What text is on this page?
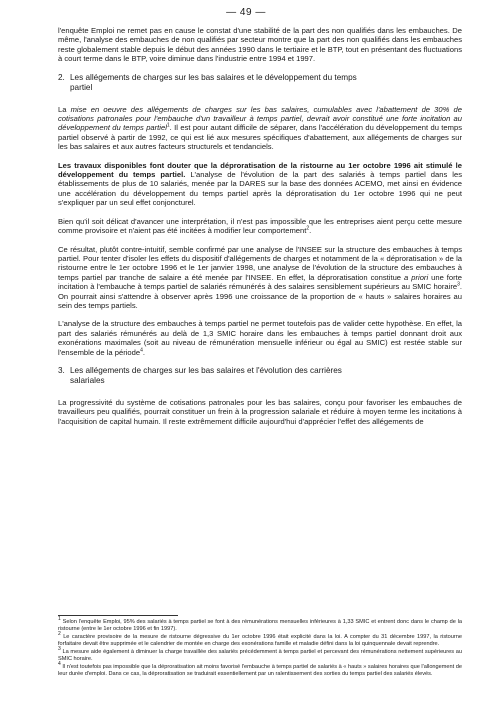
— 49 —

l'enquête Emploi ne remet pas en cause le constat d'une stabilité de la part des non qualifiés dans les embauches. De même, l'analyse des embauches de non qualifiés par secteur montre que la part des non qualifiés dans les embauches reste globalement stable depuis le début des années 1990 dans le tertiaire et le BTP, tout en présentant des fluctuations à court terme dans le BTP, voire diminue dans l'industrie entre 1994 et 1997.

2. Les allégements de charges sur les bas salaires et le développement du temps
partiel

La mise en oeuvre des allégements de charges sur les bas salaires, cumulables avec l'abattement de 30% de cotisations patronales pour l'embauche d'un travailleur à temps partiel, devrait avoir constitué une forte incitation au développement du temps partiel$^1$. Il est pour autant difficile de séparer, dans l'accélération du développement du temps partiel observé à partir de 1992, ce qui est lié aux mesures spécifiques d'abattement, aux allégements de charges sur les bas salaires et aux autres facteurs structurels et tendanciels.

Les travaux disponibles font douter que la déproratisation de la ristourne au 1er octobre 1996 ait stimulé le développement du temps partiel. L'analyse de l'évolution de la part des salariés à temps partiel dans les établissements de plus de 10 salariés, menée par la DARES sur la base des données ACEMO, met ainsi en évidence une accélération du développement du temps partiel après la déproratisation du 1er octobre 1996 qui ne peut s'expliquer par un seul effet conjoncturel.

Bien qu'il soit délicat d'avancer une interprétation, il n'est pas impossible que les entreprises aient perçu cette mesure comme provisoire et n'aient pas été incitées à modifier leur comportement$^2$.

Ce résultat, plutôt contre-intuitif, semble confirmé par une analyse de l'INSEE sur la structure des embauches à temps partiel. Pour tenter d'isoler les effets du dispositif d'allégements de charges et notamment de la « déproratisation » de la ristourne entre le 1er octobre 1996 et le 1er janvier 1998, une analyse de l'évolution de la structure des embauches à temps partiel par tranche de salaire a été menée par l'INSEE. En effet, la déproratisation constitue a priori une forte incitation à l'embauche à temps partiel de salariés rémunérés à des salaires sensiblement supérieurs au SMIC horaire$^3$. On pourrait ainsi s'attendre à observer après 1996 une croissance de la proportion de « hauts » salaires horaires au sein des temps partiels.

L'analyse de la structure des embauches à temps partiel ne permet toutefois pas de valider cette hypothèse. En effet, la part des salariés rémunérés au delà de 1,3 SMIC horaire dans les embauches à temps partiel donnant droit aux exonérations maximales (soit au niveau de rémunération mensuelle inférieur ou égal au SMIC) est restée stable sur l'ensemble de la période$^4$.

3. Les allégements de charges sur les bas salaires et l'évolution des carrières
salariales

La progressivité du système de cotisations patronales pour les bas salaires, conçu pour favoriser les embauches de travailleurs peu qualifiés, pourrait constituer un frein à la progression salariale et réduire à moyen terme les incitations à l'acquisition de capital humain. Il reste extrêmement difficile aujourd'hui d'apprécier l'effet des allégements de

$^1$ Selon l'enquête Emploi, 95% des salariés à temps partiel se font à des rémunérations mensuelles inférieures à 1,33 SMIC et entrent donc dans le champ de la ristourne (entre le 1er octobre 1996 et fin 1997).

$^2$ Le caractère provisoire de la mesure de ristourne dégressive du 1er octobre 1996 était explicité dans la loi. A compter du 31 décembre 1997, la ristourne forfaitaire devait être supprimée et le calendrier de montée en charge des exonérations famille et maladie défini dans la loi quinquennale devait reprendre.

$^3$ La mesure aide également à diminuer la charge travaillée des salariés précédemment à temps partiel et percevant des rémunérations nettement supérieures au SMIC horaire.

$^4$ Il n'est toutefois pas impossible que la déproratisation ait moins favorisé l'embauche à temps partiel de salariés à « hauts » salaires horaires que l'allongement de leur durée d'emploi. Dans ce cas, la déproratisation se traduirait essentiellement par un ralentissement des sorties du temps partiel des salariés élevés.
